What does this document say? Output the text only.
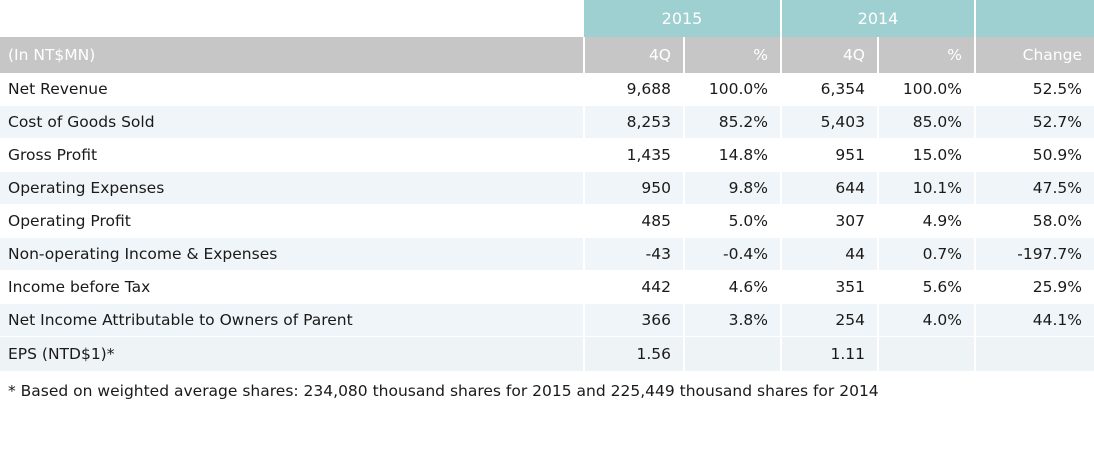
	2015		2014		
(In NT$MN)	4Q	%	4Q	%	Change
Net Revenue	9,688	100.0%	6,354	100.0%	52.5%
Cost of Goods Sold	8,253	85.2%	5,403	85.0%	52.7%
Gross Profit	1,435	14.8%	951	15.0%	50.9%
Operating Expenses	950	9.8%	644	10.1%	47.5%
Operating Profit	485	5.0%	307	4.9%	58.0%
Non-operating Income & Expenses	-43	-0.4%	44	0.7%	-197.7%
Income before Tax	442	4.6%	351	5.6%	25.9%
Net Income Attributable to Owners of Parent	366	3.8%	254	4.0%	44.1%
EPS (NTD$1)*	1.56		1.11		
* Based on weighted average shares: 234,080 thousand shares for 2015 and 225,449 thousand shares for 2014					
